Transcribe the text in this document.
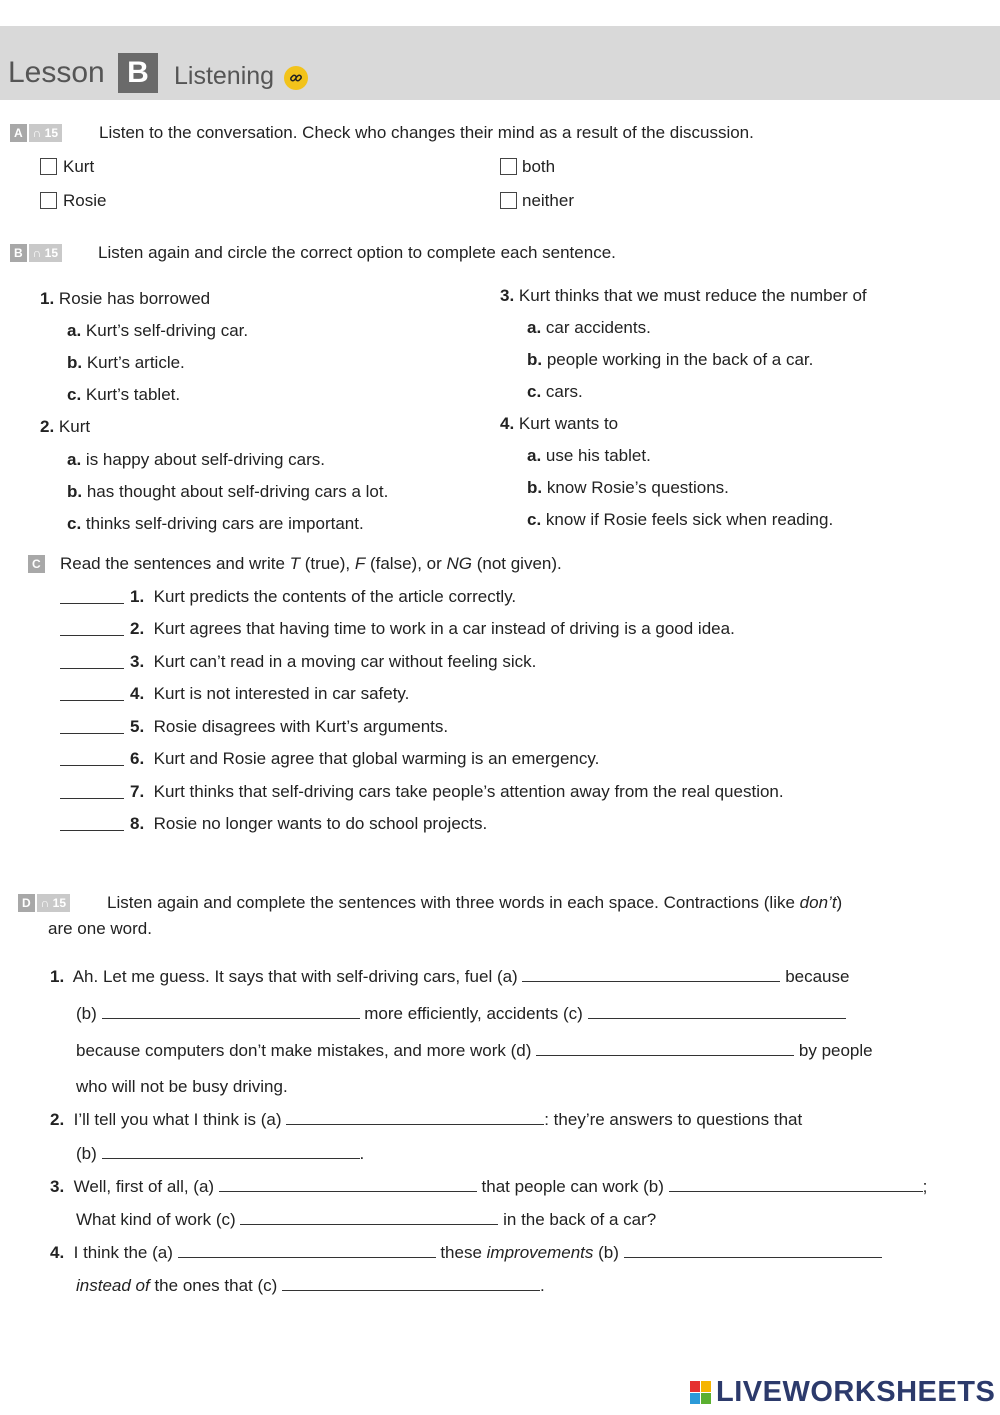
Lesson B	Listening
A ∩ 15 Listen to the conversation. Check who changes their mind as a result of the discussion.
Kurt	both
Rosie	neither
B ∩ 15 Listen again and circle the correct option to complete each sentence.
1. Rosie has borrowed
a. Kurt’s self-driving car.
b. Kurt’s article.
c. Kurt’s tablet.
2. Kurt
a. is happy about self-driving cars.
b. has thought about self-driving cars a lot.
c. thinks self-driving cars are important.
3. Kurt thinks that we must reduce the number of
a. car accidents.
b. people working in the back of a car.
c. cars.
4. Kurt wants to
a. use his tablet.
b. know Rosie’s questions.
c. know if Rosie feels sick when reading.
C Read the sentences and write T (true), F (false), or NG (not given).
1. Kurt predicts the contents of the article correctly.
2. Kurt agrees that having time to work in a car instead of driving is a good idea.
3. Kurt can’t read in a moving car without feeling sick.
4. Kurt is not interested in car safety.
5. Rosie disagrees with Kurt’s arguments.
6. Kurt and Rosie agree that global warming is an emergency.
7. Kurt thinks that self-driving cars take people’s attention away from the real question.
8. Rosie no longer wants to do school projects.
D ∩ 15 Listen again and complete the sentences with three words in each space. Contractions (like don’t)
are one word.
1. Ah. Let me guess. It says that with self-driving cars, fuel (a)	because
(b)	more efficiently, accidents (c)
because computers don’t make mistakes, and more work (d)	by people
who will not be busy driving.
2. I’ll tell you what I think is (a)	: they’re answers to questions that
(b)	.
3. Well, first of all, (a)	that people can work (b)	;
What kind of work (c)	in the back of a car?
4. I think the (a)	these improvements (b)
instead of the ones that (c)	.
LIVEWORKSHEETS
